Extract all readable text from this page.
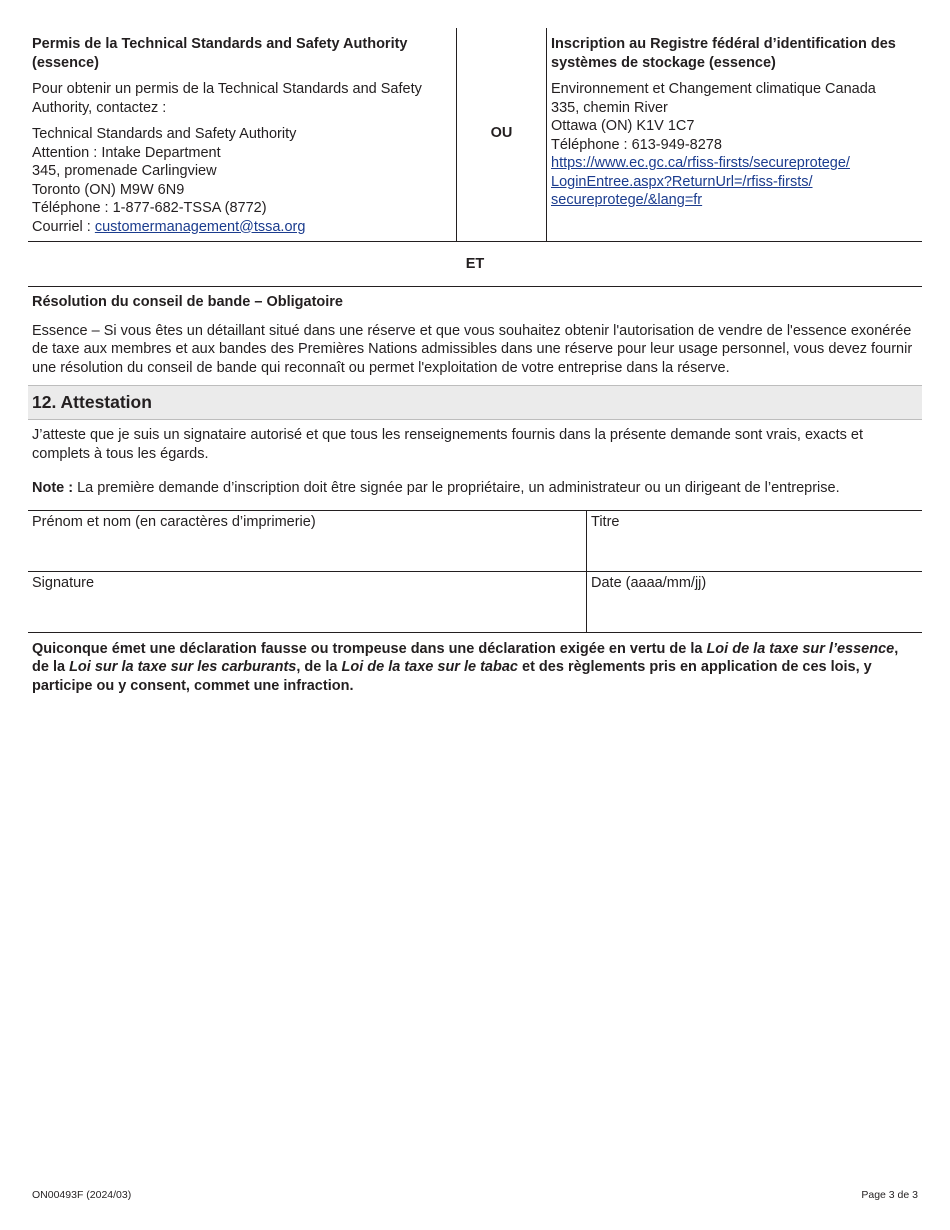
Permis de la Technical Standards and Safety Authority (essence)

Pour obtenir un permis de la Technical Standards and Safety Authority, contactez :

Technical Standards and Safety Authority
Attention : Intake Department
345, promenade Carlingview
Toronto (ON) M9W 6N9
Téléphone : 1-877-682-TSSA (8772)
Courriel : customermanagement@tssa.org
OU

Inscription au Registre fédéral d’identification des systèmes de stockage (essence)

Environnement et Changement climatique Canada
335, chemin River
Ottawa (ON) K1V 1C7
Téléphone : 613-949-8278
https://www.ec.gc.ca/rfiss-firsts/secureprotege/
LoginEntree.aspx?ReturnUrl=/rfiss-firsts/
secureprotege/&lang=fr
ET
Résolution du conseil de bande – Obligatoire
Essence – Si vous êtes un détaillant situé dans une réserve et que vous souhaitez obtenir l'autorisation de vendre de l'essence exonérée de taxe aux membres et aux bandes des Premières Nations admissibles dans une réserve pour leur usage personnel, vous devez fournir une résolution du conseil de bande qui reconnaît ou permet l'exploitation de votre entreprise dans la réserve.
12. Attestation
J’atteste que je suis un signataire autorisé et que tous les renseignements fournis dans la présente demande sont vrais, exacts et complets à tous les égards.
Note : La première demande d’inscription doit être signée par le propriétaire, un administrateur ou un dirigeant de l’entreprise.
Prénom et nom (en caractères d’imprimerie)	Titre
Signature	Date (aaaa/mm/jj)
Quiconque émet une déclaration fausse ou trompeuse dans une déclaration exigée en vertu de la Loi de la taxe sur l’essence, de la Loi sur la taxe sur les carburants, de la Loi de la taxe sur le tabac et des règlements pris en application de ces lois, y participe ou y consent, commet une infraction.
ON00493F (2024/03)	Page 3 de 3
